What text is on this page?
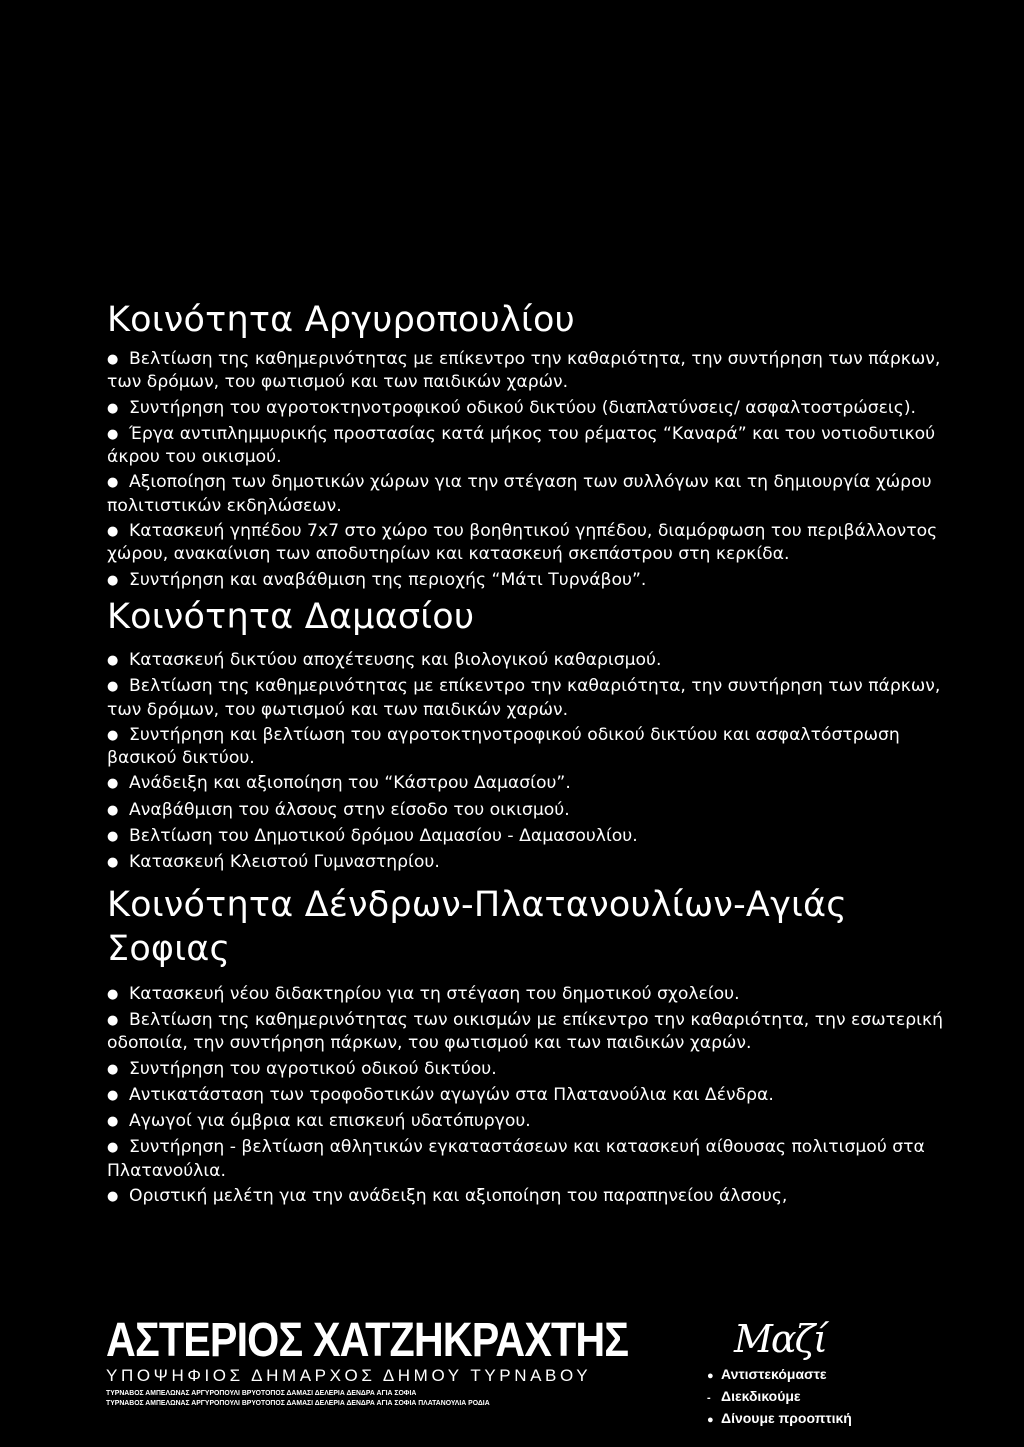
Κοινότητα Αργυροπουλίου
● Βελτίωση της καθημερινότητας με επίκεντρο την καθαριότητα, την συντήρηση των πάρκων, των δρόμων, του φωτισμού και των παιδικών χαρών.
● Συντήρηση του αγροτοκτηνοτροφικού οδικού δικτύου (διαπλατύνσεις/ ασφαλτοστρώσεις).
● Έργα αντιπλημμυρικής προστασίας κατά μήκος του ρέματος “Καναρά” και του νοτιοδυτικού άκρου του οικισμού.
● Αξιοποίηση των δημοτικών χώρων για την στέγαση των συλλόγων και τη δημιουργία χώρου πολιτιστικών εκδηλώσεων.
● Κατασκευή γηπέδου 7x7 στο χώρο του βοηθητικού γηπέδου, διαμόρφωση του περιβάλλοντος χώρου, ανακαίνιση των αποδυτηρίων και κατασκευή σκεπάστρου στη κερκίδα.
● Συντήρηση και αναβάθμιση της περιοχής “Μάτι Τυρνάβου”.
Κοινότητα Δαμασίου
● Κατασκευή δικτύου αποχέτευσης και βιολογικού καθαρισμού.
● Βελτίωση της καθημερινότητας με επίκεντρο την καθαριότητα, την συντήρηση των πάρκων, των δρόμων, του φωτισμού και των παιδικών χαρών.
● Συντήρηση και βελτίωση του αγροτοκτηνοτροφικού οδικού δικτύου και ασφαλτόστρωση βασικού δικτύου.
● Ανάδειξη και αξιοποίηση του “Κάστρου Δαμασίου”.
● Αναβάθμιση του άλσους στην είσοδο του οικισμού.
● Βελτίωση του Δημοτικού δρόμου Δαμασίου - Δαμασουλίου.
● Κατασκευή Κλειστού Γυμναστηρίου.
Κοινότητα Δένδρων-Πλατανουλίων-Αγιάς Σοφιας
● Κατασκευή νέου διδακτηρίου για τη στέγαση του δημοτικού σχολείου.
● Βελτίωση της καθημερινότητας των οικισμών με επίκεντρο την καθαριότητα, την εσωτερική οδοποιία, την συντήρηση πάρκων, του φωτισμού και των παιδικών χαρών.
● Συντήρηση του αγροτικού οδικού δικτύου.
● Αντικατάσταση των τροφοδοτικών αγωγών στα Πλατανούλια και Δένδρα.
● Αγωγοί για όμβρια και επισκευή υδατόπυργου.
● Συντήρηση - βελτίωση αθλητικών εγκαταστάσεων και κατασκευή αίθουσας πολιτισμού στα Πλατανούλια.
● Οριστική μελέτη για την ανάδειξη και αξιοποίηση του παραπηνείου άλσους,
ΑΣΤΕΡΙΟΣ ΧΑΤΖΗΚΡΑΧΤΗΣ
ΥΠΟΨΗΦΙΟΣ ΔΗΜΑΡΧΟΣ ΔΗΜΟΥ ΤΥΡΝΑΒΟΥ
ΤΥΡΝΑΒΟΣ ΑΜΠΕΛΩΝΑΣ ΑΡΓΥΡΟΠΟΥΛΙ ΒΡΥΟΤΟΠΟΣ ΔΑΜΑΣΙ ΔΕΛΕΡΙΑ ΔΕΝΔΡΑ ΑΓΙΑ ΣΟΦΙΑ
ΤΥΡΝΑΒΟΣ ΑΜΠΕΛΩΝΑΣ ΑΡΓΥΡΟΠΟΥΛΙ ΒΡΥΟΤΟΠΟΣ ΔΑΜΑΣΙ ΔΕΛΕΡΙΑ ΔΕΝΔΡΑ ΑΓΙΑ ΣΟΦΙΑ ΠΛΑΤΑΝΟΥΛΙΑ ΡΟΔΙΑ
Μαζί
● Αντιστεκόμαστε
- Διεκδικούμε
● Δίνουμε προοπτική
